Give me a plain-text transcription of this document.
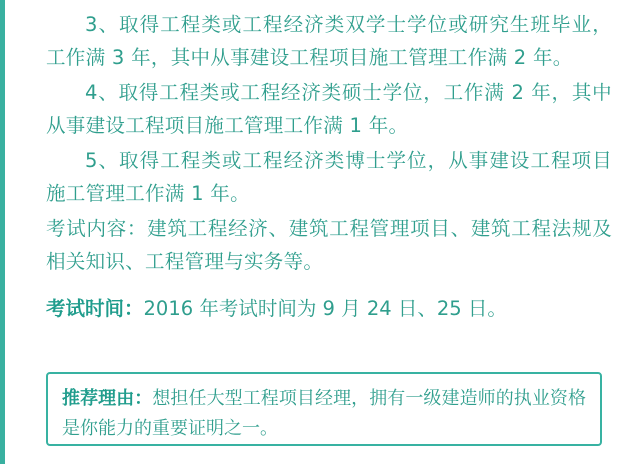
3、取得工程类或工程经济类双学士学位或研究生班毕业，工作满 3 年，其中从事建设工程项目施工管理工作满 2 年。

4、取得工程类或工程经济类硕士学位，工作满 2 年，其中从事建设工程项目施工管理工作满 1 年。

5、取得工程类或工程经济类博士学位，从事建设工程项目施工管理工作满 1 年。

考试内容：建筑工程经济、建筑工程管理项目、建筑工程法规及相关知识、工程管理与实务等。

考试时间：2016 年考试时间为 9 月 24 日、25 日。
推荐理由：想担任大型工程项目经理，拥有一级建造师的执业资格是你能力的重要证明之一。
